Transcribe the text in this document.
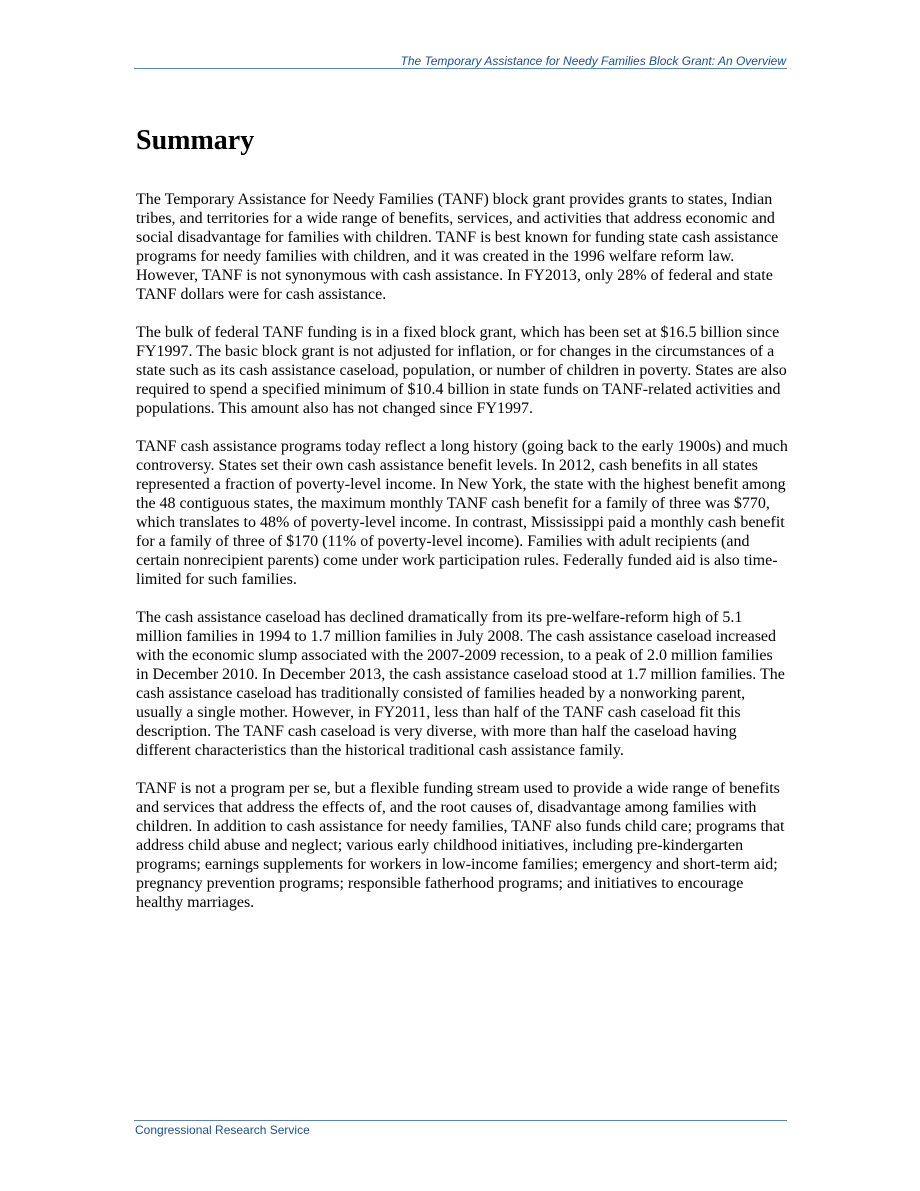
The Temporary Assistance for Needy Families Block Grant: An Overview
Summary

The Temporary Assistance for Needy Families (TANF) block grant provides grants to states, Indian tribes, and territories for a wide range of benefits, services, and activities that address economic and social disadvantage for families with children. TANF is best known for funding state cash assistance programs for needy families with children, and it was created in the 1996 welfare reform law. However, TANF is not synonymous with cash assistance. In FY2013, only 28% of federal and state TANF dollars were for cash assistance.

The bulk of federal TANF funding is in a fixed block grant, which has been set at $16.5 billion since FY1997. The basic block grant is not adjusted for inflation, or for changes in the circumstances of a state such as its cash assistance caseload, population, or number of children in poverty. States are also required to spend a specified minimum of $10.4 billion in state funds on TANF-related activities and populations. This amount also has not changed since FY1997.

TANF cash assistance programs today reflect a long history (going back to the early 1900s) and much controversy. States set their own cash assistance benefit levels. In 2012, cash benefits in all states represented a fraction of poverty-level income. In New York, the state with the highest benefit among the 48 contiguous states, the maximum monthly TANF cash benefit for a family of three was $770, which translates to 48% of poverty-level income. In contrast, Mississippi paid a monthly cash benefit for a family of three of $170 (11% of poverty-level income). Families with adult recipients (and certain nonrecipient parents) come under work participation rules. Federally funded aid is also time-limited for such families.

The cash assistance caseload has declined dramatically from its pre-welfare-reform high of 5.1 million families in 1994 to 1.7 million families in July 2008. The cash assistance caseload increased with the economic slump associated with the 2007-2009 recession, to a peak of 2.0 million families in December 2010. In December 2013, the cash assistance caseload stood at 1.7 million families. The cash assistance caseload has traditionally consisted of families headed by a nonworking parent, usually a single mother. However, in FY2011, less than half of the TANF cash caseload fit this description. The TANF cash caseload is very diverse, with more than half the caseload having different characteristics than the historical traditional cash assistance family.

TANF is not a program per se, but a flexible funding stream used to provide a wide range of benefits and services that address the effects of, and the root causes of, disadvantage among families with children. In addition to cash assistance for needy families, TANF also funds child care; programs that address child abuse and neglect; various early childhood initiatives, including pre-kindergarten programs; earnings supplements for workers in low-income families; emergency and short-term aid; pregnancy prevention programs; responsible fatherhood programs; and initiatives to encourage healthy marriages.

Congressional Research Service
